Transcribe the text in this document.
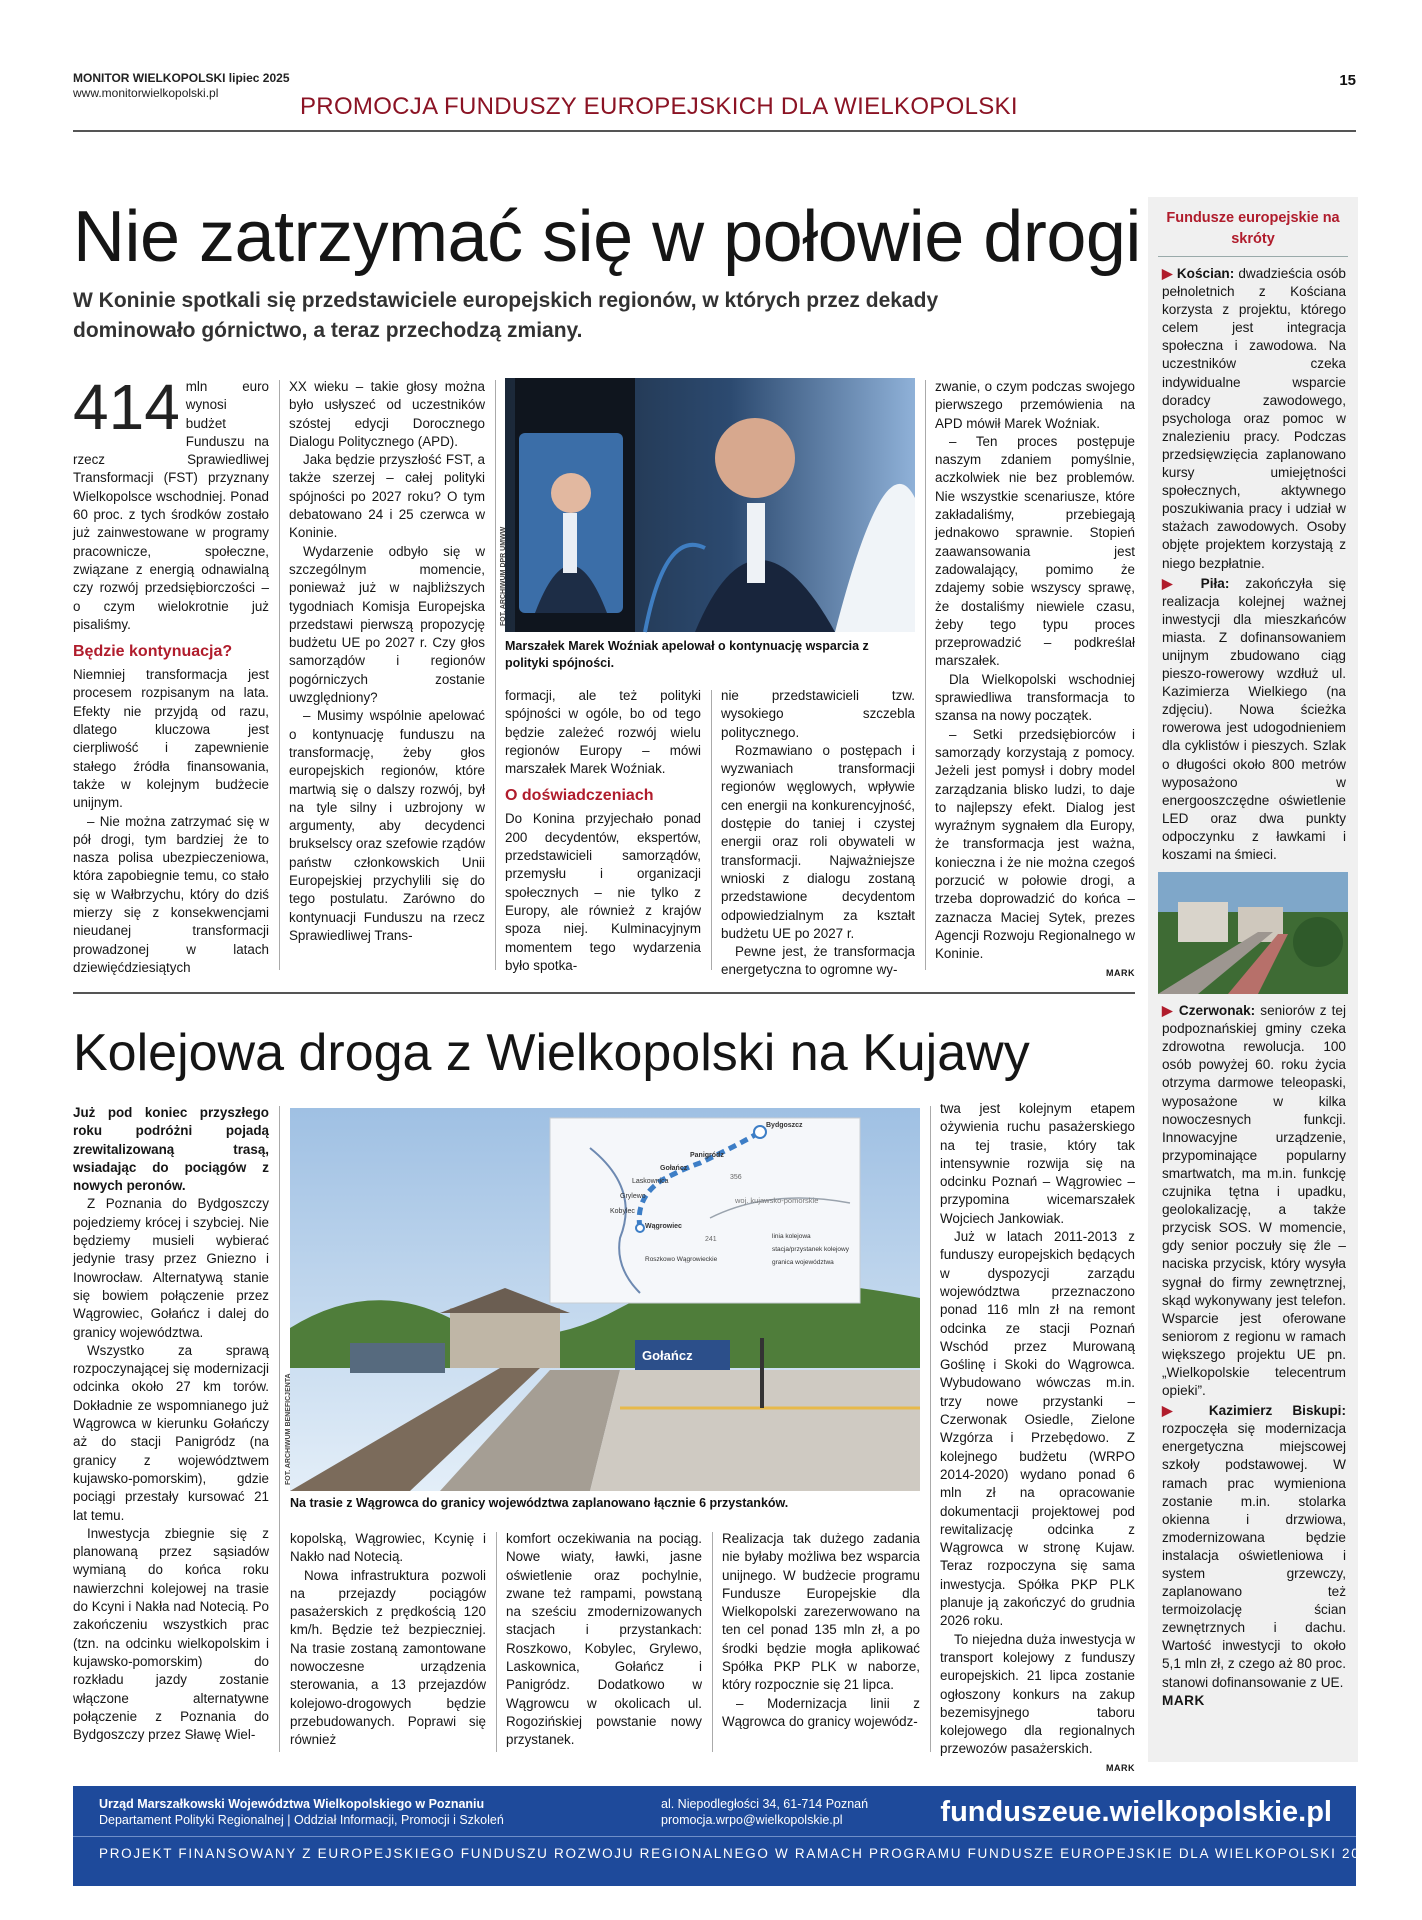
MONITOR WIELKOPOLSKI lipiec 2025
www.monitorwielkopolski.pl
15
PROMOCJA FUNDUSZY EUROPEJSKICH DLA WIELKOPOLSKI
Nie zatrzymać się w połowie drogi
W Koninie spotkali się przedstawiciele europejskich regionów, w których przez dekady dominowało górnictwo, a teraz przechodzą zmiany.

414 mln euro wynosi budżet Funduszu na rzecz Sprawiedliwej Transformacji (FST) przyznany Wielkopolsce wschodniej. Ponad 60 proc. z tych środków zostało już zainwestowane w programy pracownicze, społeczne, związane z energią odnawialną czy rozwój przedsiębiorczości – o czym wielokrotnie już pisaliśmy.

Będzie kontynuacja?

Niemniej transformacja jest procesem rozpisanym na lata. Efekty nie przyjdą od razu, dlatego kluczowa jest cierpliwość i zapewnienie stałego źródła finansowania, także w kolejnym budżecie unijnym.

– Nie można zatrzymać się w pół drogi, tym bardziej że to nasza polisa ubezpieczeniowa, która zapobiegnie temu, co stało się w Wałbrzychu, który do dziś mierzy się z konsekwencjami nieudanej transformacji prowadzonej w latach dziewięćdziesiątych

XX wieku – takie głosy można było usłyszeć od uczestników szóstej edycji Dorocznego Dialogu Politycznego (APD).

Jaka będzie przyszłość FST, a także szerzej – całej polityki spójności po 2027 roku? O tym debatowano 24 i 25 czerwca w Koninie.

Wydarzenie odbyło się w szczególnym momencie, ponieważ już w najbliższych tygodniach Komisja Europejska przedstawi pierwszą propozycję budżetu UE po 2027 r. Czy głos samorządów i regionów pogórniczych zostanie uwzględniony?

– Musimy wspólnie apelować o kontynuację funduszu na transformację, żeby głos europejskich regionów, które martwią się o dalszy rozwój, był na tyle silny i uzbrojony w argumenty, aby decydenci brukselscy oraz szefowie rządów państw członkowskich Unii Europejskiej przychylili się do tego postulatu. Zarówno do kontynuacji Funduszu na rzecz Sprawiedliwej Trans-

FOT. ARCHIWUM DPR UMWW
Marszałek Marek Woźniak apelował o kontynuację wsparcia z polityki spójności.

formacji, ale też polityki spójności w ogóle, bo od tego będzie zależeć rozwój wielu regionów Europy – mówi marszałek Marek Woźniak.

O doświadczeniach

Do Konina przyjechało ponad 200 decydentów, ekspertów, przedstawicieli samorządów, przemysłu i organizacji społecznych – nie tylko z Europy, ale również z krajów spoza niej. Kulminacyjnym momentem tego wydarzenia było spotka-

nie przedstawicieli tzw. wysokiego szczebla politycznego.

Rozmawiano o postępach i wyzwaniach transformacji regionów węglowych, wpływie cen energii na konkurencyjność, dostępie do taniej i czystej energii oraz roli obywateli w transformacji. Najważniejsze wnioski z dialogu zostaną przedstawione decydentom odpowiedzialnym za kształt budżetu UE po 2027 r.

Pewne jest, że transformacja energetyczna to ogromne wy-

zwanie, o czym podczas swojego pierwszego przemówienia na APD mówił Marek Woźniak.

– Ten proces postępuje naszym zdaniem pomyślnie, aczkolwiek nie bez problemów. Nie wszystkie scenariusze, które zakładaliśmy, przebiegają jednakowo sprawnie. Stopień zaawansowania jest zadowalający, pomimo że zdajemy sobie wszyscy sprawę, że dostaliśmy niewiele czasu, żeby tego typu proces przeprowadzić – podkreślał marszałek.

Dla Wielkopolski wschodniej sprawiedliwa transformacja to szansa na nowy początek.

– Setki przedsiębiorców i samorządy korzystają z pomocy. Jeżeli jest pomysł i dobry model zarządzania blisko ludzi, to daje to najlepszy efekt. Dialog jest wyraźnym sygnałem dla Europy, że transformacja jest ważna, konieczna i że nie można czegoś porzucić w połowie drogi, a trzeba doprowadzić do końca – zaznacza Maciej Sytek, prezes Agencji Rozwoju Regionalnego w Koninie.

MARK
Kolejowa droga z Wielkopolski na Kujawy

Już pod koniec przyszłego roku podróżni pojadą zrewitalizowaną trasą, wsiadając do pociągów z nowych peronów.

Z Poznania do Bydgoszczy pojedziemy krócej i szybciej. Nie będziemy musieli wybierać jedynie trasy przez Gniezno i Inowrocław. Alternatywą stanie się bowiem połączenie przez Wągrowiec, Gołańcz i dalej do granicy województwa.

Wszystko za sprawą rozpoczynającej się modernizacji odcinka około 27 km torów. Dokładnie ze wspomnianego już Wągrowca w kierunku Gołańczy aż do stacji Panigródz (na granicy z województwem kujawsko-pomorskim), gdzie pociągi przestały kursować 21 lat temu.

Inwestycja zbiegnie się z planowaną przez sąsiadów wymianą do końca roku nawierzchni kolejowej na trasie do Kcyni i Nakła nad Notecią. Po zakończeniu wszystkich prac (tzn. na odcinku wielkopolskim i kujawsko-pomorskim) do rozkładu jazdy zostanie włączone alternatywne połączenie z Poznania do Bydgoszczy przez Sławę Wiel-

Bydgoszcz
Panigródz
Gołańcz
Laskownica
Grylewo
Kobylec
Wągrowiec
Roszkowo Wągrowieckie
356
241
woj. kujawsko-pomorskie
linia kolejowa
stacja/przystanek kolejowy
granica województwa
Gołańcz
FOT. ARCHIWUM BENEFICJENTA
Na trasie z Wągrowca do granicy województwa zaplanowano łącznie 6 przystanków.

kopolską, Wągrowiec, Kcynię i Nakło nad Notecią.

Nowa infrastruktura pozwoli na przejazdy pociągów pasażerskich z prędkością 120 km/h. Będzie też bezpieczniej. Na trasie zostaną zamontowane nowoczesne urządzenia sterowania, a 13 przejazdów kolejowo-drogowych będzie przebudowanych. Poprawi się również

komfort oczekiwania na pociąg. Nowe wiaty, ławki, jasne oświetlenie oraz pochylnie, zwane też rampami, powstaną na sześciu zmodernizowanych stacjach i przystankach: Roszkowo, Kobylec, Grylewo, Laskownica, Gołańcz i Panigródz. Dodatkowo w Wągrowcu w okolicach ul. Rogozińskiej powstanie nowy przystanek.

Realizacja tak dużego zadania nie byłaby możliwa bez wsparcia unijnego. W budżecie programu Fundusze Europejskie dla Wielkopolski zarezerwowano na ten cel ponad 135 mln zł, a po środki będzie mogła aplikować Spółka PKP PLK w naborze, który rozpocznie się 21 lipca.

– Modernizacja linii z Wągrowca do granicy wojewódz-

twa jest kolejnym etapem ożywienia ruchu pasażerskiego na tej trasie, który tak intensywnie rozwija się na odcinku Poznań – Wągrowiec – przypomina wicemarszałek Wojciech Jankowiak.

Już w latach 2011-2013 z funduszy europejskich będących w dyspozycji zarządu województwa przeznaczono ponad 116 mln zł na remont odcinka ze stacji Poznań Wschód przez Murowaną Goślinę i Skoki do Wągrowca. Wybudowano wówczas m.in. trzy nowe przystanki – Czerwonak Osiedle, Zielone Wzgórza i Przebędowo. Z kolejnego budżetu (WRPO 2014-2020) wydano ponad 6 mln zł na opracowanie dokumentacji projektowej pod rewitalizację odcinka z Wągrowca w stronę Kujaw. Teraz rozpoczyna się sama inwestycja. Spółka PKP PLK planuje ją zakończyć do grudnia 2026 roku.

To niejedna duża inwestycja w transport kolejowy z funduszy europejskich. 21 lipca zostanie ogłoszony konkurs na zakup bezemisyjnego taboru kolejowego dla regionalnych przewozów pasażerskich.

MARK
Fundusze europejskie na skróty
▶ Kościan: dwadzieścia osób pełnoletnich z Kościana korzysta z projektu, którego celem jest integracja społeczna i zawodowa. Na uczestników czeka indywidualne wsparcie doradcy zawodowego, psychologa oraz pomoc w znalezieniu pracy. Podczas przedsięwzięcia zaplanowano kursy umiejętności społecznych, aktywnego poszukiwania pracy i udział w stażach zawodowych. Osoby objęte projektem korzystają z niego bezpłatnie.
▶ Piła: zakończyła się realizacja kolejnej ważnej inwestycji dla mieszkańców miasta. Z dofinansowaniem unijnym zbudowano ciąg pieszo-rowerowy wzdłuż ul. Kazimierza Wielkiego (na zdjęciu). Nowa ścieżka rowerowa jest udogodnieniem dla cyklistów i pieszych. Szlak o długości około 800 metrów wyposażono w energooszczędne oświetlenie LED oraz dwa punkty odpoczynku z ławkami i koszami na śmieci.
▶ Czerwonak: seniorów z tej podpoznańskiej gminy czeka zdrowotna rewolucja. 100 osób powyżej 60. roku życia otrzyma darmowe teleopaski, wyposażone w kilka nowoczesnych funkcji. Innowacyjne urządzenie, przypominające popularny smartwatch, ma m.in. funkcję czujnika tętna i upadku, geolokalizację, a także przycisk SOS. W momencie, gdy senior poczuły się źle – naciska przycisk, który wysyła sygnał do firmy zewnętrznej, skąd wykonywany jest telefon. Wsparcie jest oferowane seniorom z regionu w ramach większego projektu UE pn. „Wielkopolskie telecentrum opieki”.
▶ Kazimierz Biskupi: rozpoczęła się modernizacja energetyczna miejscowej szkoły podstawowej. W ramach prac wymieniona zostanie m.in. stolarka okienna i drzwiowa, zmodernizowana będzie instalacja oświetleniowa i system grzewczy, zaplanowano też termoizolację ścian zewnętrznych i dachu. Wartość inwestycji to około 5,1 mln zł, z czego aż 80 proc. stanowi dofinansowanie z UE.
MARK
Urząd Marszałkowski Województwa Wielkopolskiego w Poznaniu
Departament Polityki Regionalnej | Oddział Informacji, Promocji i Szkoleń
al. Niepodległości 34, 61-714 Poznań
promocja.wrpo@wielkopolskie.pl	funduszeue.wielkopolskie.pl
PROJEKT FINANSOWANY Z EUROPEJSKIEGO FUNDUSZU ROZWOJU REGIONALNEGO W RAMACH PROGRAMU FUNDUSZE EUROPEJSKIE DLA WIELKOPOLSKI 2021-2027
